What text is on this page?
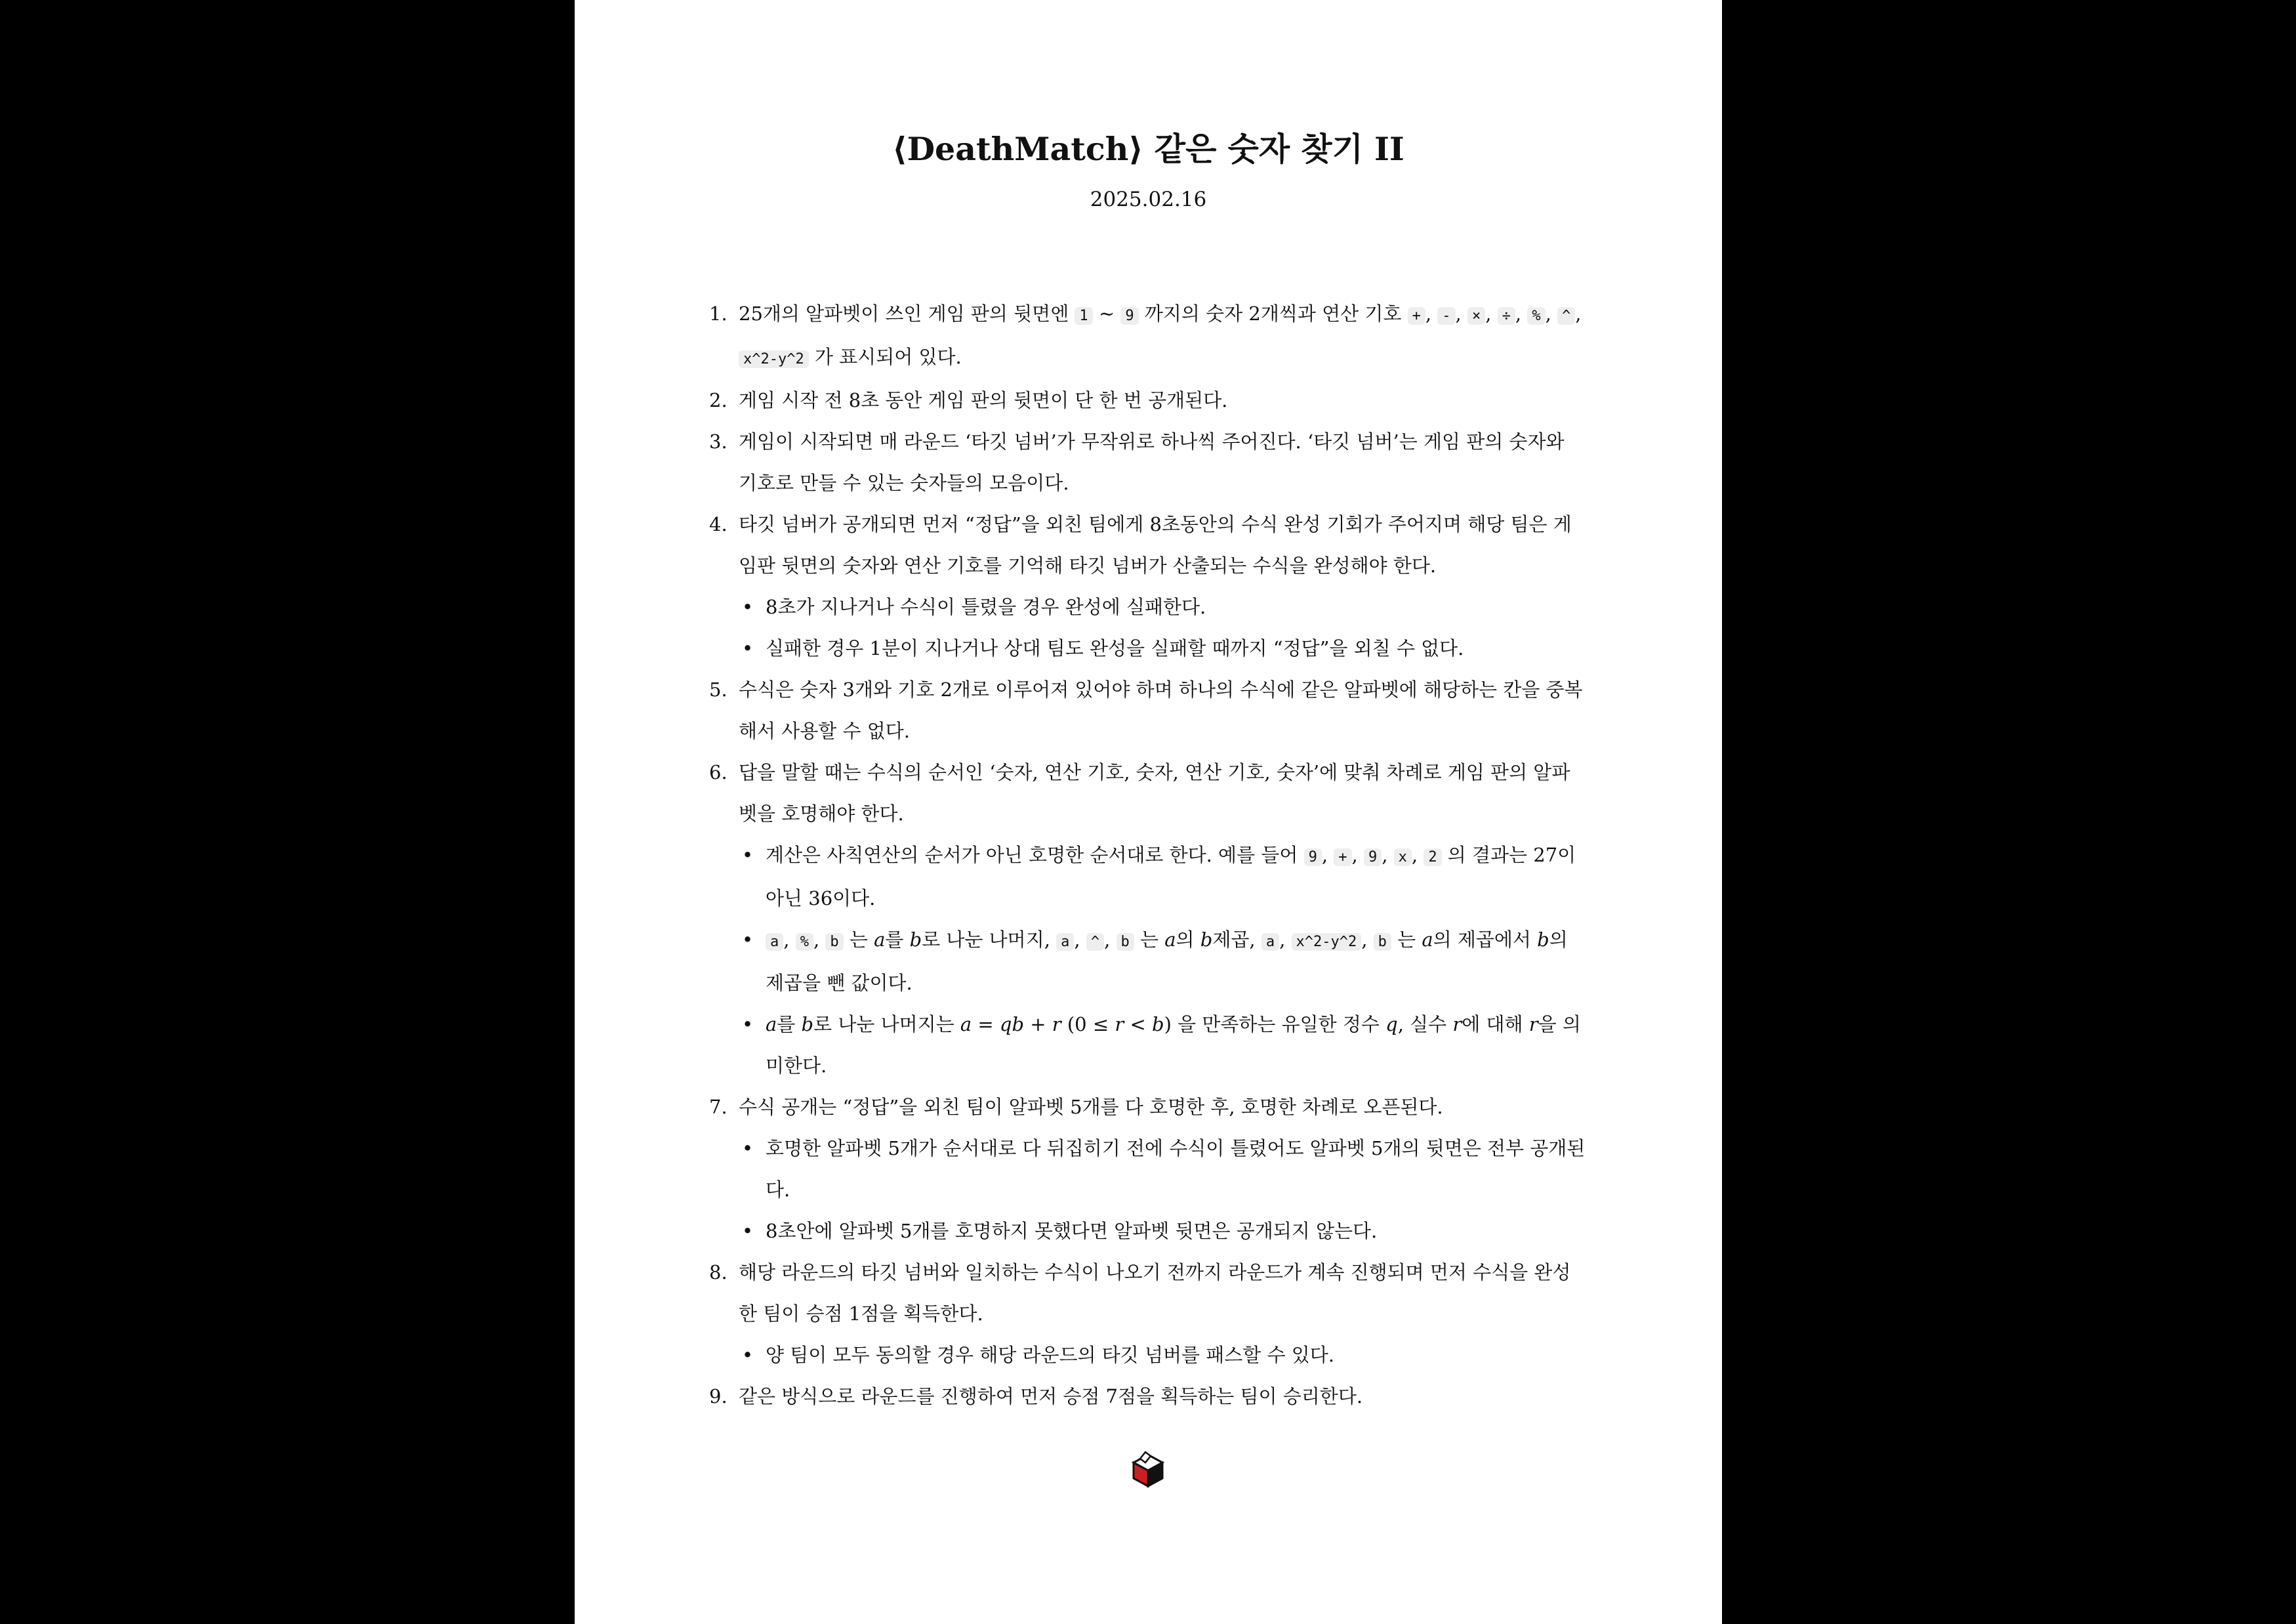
⟨DeathMatch⟩ 같은 숫자 찾기 II
2025.02.16
1. 25개의 알파벳이 쓰인 게임 판의 뒷면엔 1 ~ 9 까지의 숫자 2개씩과 연산 기호 + , - , × , ÷ , % , ^ , x^2-y^2 가 표시되어 있다.
2. 게임 시작 전 8초 동안 게임 판의 뒷면이 단 한 번 공개된다.
3. 게임이 시작되면 매 라운드 ‘타깃 넘버’가 무작위로 하나씩 주어진다. ‘타깃 넘버’는 게임 판의 숫자와 기호로 만들 수 있는 숫자들의 모음이다.
4. 타깃 넘버가 공개되면 먼저 “정답”을 외친 팀에게 8초동안의 수식 완성 기회가 주어지며 해당 팀은 게임판 뒷면의 숫자와 연산 기호를 기억해 타깃 넘버가 산출되는 수식을 완성해야 한다.
• 8초가 지나거나 수식이 틀렸을 경우 완성에 실패한다.
• 실패한 경우 1분이 지나거나 상대 팀도 완성을 실패할 때까지 “정답”을 외칠 수 없다.
5. 수식은 숫자 3개와 기호 2개로 이루어져 있어야 하며 하나의 수식에 같은 알파벳에 해당하는 칸을 중복해서 사용할 수 없다.
6. 답을 말할 때는 수식의 순서인 ‘숫자, 연산 기호, 숫자, 연산 기호, 숫자’에 맞춰 차례로 게임 판의 알파벳을 호명해야 한다.
• 계산은 사칙연산의 순서가 아닌 호명한 순서대로 한다. 예를 들어 9 , + , 9 , x , 2 의 결과는 27이 아닌 36이다.
• a , % , b 는 a를 b로 나눈 나머지, a , ^ , b 는 a의 b제곱, a , x^2-y^2 , b 는 a의 제곱에서 b의 제곱을 뺀 값이다.
• a를 b로 나눈 나머지는 a = qb + r (0 ≤ r < b) 을 만족하는 유일한 정수 q, 실수 r에 대해 r을 의미한다.
7. 수식 공개는 “정답”을 외친 팀이 알파벳 5개를 다 호명한 후, 호명한 차례로 오픈된다.
• 호명한 알파벳 5개가 순서대로 다 뒤집히기 전에 수식이 틀렸어도 알파벳 5개의 뒷면은 전부 공개된다.
• 8초안에 알파벳 5개를 호명하지 못했다면 알파벳 뒷면은 공개되지 않는다.
8. 해당 라운드의 타깃 넘버와 일치하는 수식이 나오기 전까지 라운드가 계속 진행되며 먼저 수식을 완성한 팀이 승점 1점을 획득한다.
• 양 팀이 모두 동의할 경우 해당 라운드의 타깃 넘버를 패스할 수 있다.
9. 같은 방식으로 라운드를 진행하여 먼저 승점 7점을 획득하는 팀이 승리한다.
